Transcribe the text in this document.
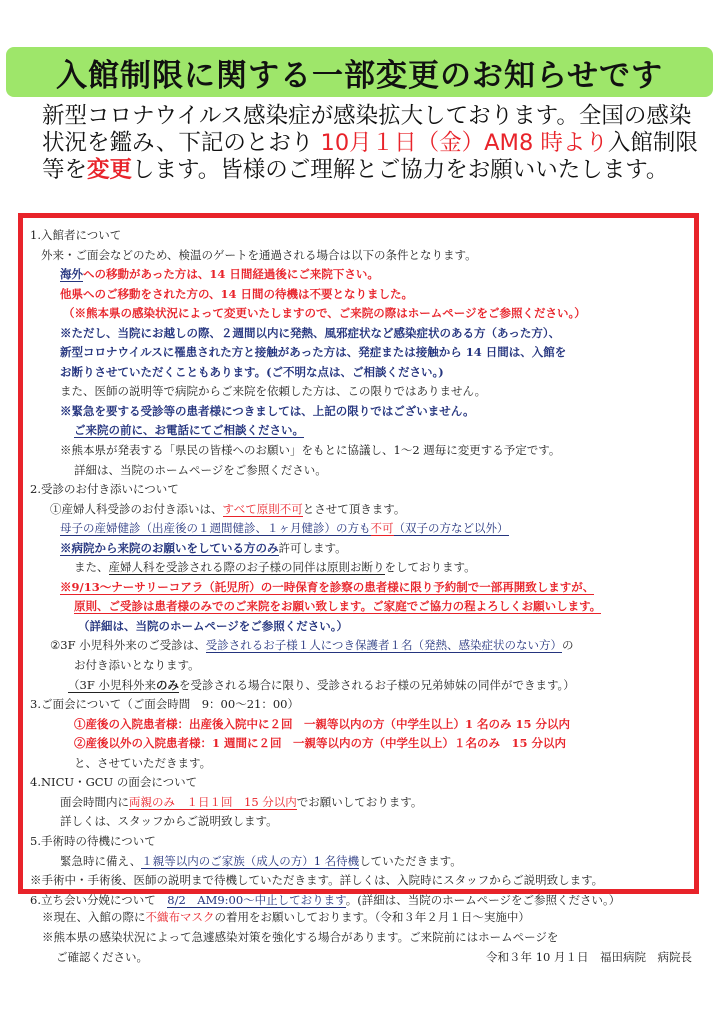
入館制限に関する一部変更のお知らせです
新型コロナウイルス感染症が感染拡大しております。全国の感染状況を鑑み、下記のとおり 10月１日（金）AM8 時より入館制限等を変更します。皆様のご理解とご協力をお願いいたします。
1.入館者について
外来・ご面会などのため、検温のゲートを通過される場合は以下の条件となります。
海外への移動があった方は、14 日間経過後にご来院下さい。
他県へのご移動をされた方の、14 日間の待機は不要となりました。
（※熊本県の感染状況によって変更いたしますので、ご来院の際はホームページをご参照ください。）
※ただし、当院にお越しの際、２週間以内に発熱、風邪症状など感染症状のある方（あった方）、
新型コロナウイルスに罹患された方と接触があった方は、発症または接触から 14 日間は、入館を
お断りさせていただくこともあります。(ご不明な点は、ご相談ください。)
また、医師の説明等で病院からご来院を依頼した方は、この限りではありません。
※緊急を要する受診等の患者様につきましては、上記の限りではございません。
ご来院の前に、お電話にてご相談ください。
※熊本県が発表する「県民の皆様へのお願い」をもとに協議し、1〜2 週毎に変更する予定です。
詳細は、当院のホームページをご参照ください。
2.受診のお付き添いについて
①産婦人科受診のお付き添いは、すべて原則不可とさせて頂きます。
母子の産婦健診（出産後の１週間健診、１ヶ月健診）の方も不可（双子の方など以外）
※病院から来院のお願いをしている方のみ許可します。
また、産婦人科を受診される際のお子様の同伴は原則お断りをしております。
※9/13〜ナーサリーコアラ（託児所）の一時保育を診察の患者様に限り予約制で一部再開致しますが、
原則、ご受診は患者様のみでのご来院をお願い致します。ご家庭でご協力の程よろしくお願いします。
（詳細は、当院のホームページをご参照ください。）
②3F 小児科外来のご受診は、受診されるお子様１人につき保護者１名（発熱、感染症状のない方）の
お付き添いとなります。
（3F 小児科外来のみを受診される場合に限り、受診されるお子様の兄弟姉妹の同伴ができます。）
3.ご面会について（ご面会時間　9：00〜21：00）
①産後の入院患者様：出産後入院中に２回　一親等以内の方（中学生以上）1 名のみ 15 分以内
②産後以外の入院患者様：1 週間に２回　一親等以内の方（中学生以上）１名のみ　15 分以内
と、させていただきます。
4.NICU・GCU の面会について
面会時間内に両親のみ　１日１回　15 分以内でお願いしております。
詳しくは、スタッフからご説明致します。
5.手術時の待機について
緊急時に備え、１親等以内のご家族（成人の方）1 名待機していただきます。
※手術中・手術後、医師の説明まで待機していただきます。詳しくは、入院時にスタッフからご説明致します。
6.立ち会い分娩について　8/2　AM9:00〜中止しております。(詳細は、当院のホームページをご参照ください。）
※現在、入館の際に不織布マスクの着用をお願いしております。（令和３年２月１日〜実施中）
※熊本県の感染状況によって急遽感染対策を強化する場合があります。ご来院前にはホームページを
ご確認ください。	令和３年 10 月１日　福田病院　病院長
